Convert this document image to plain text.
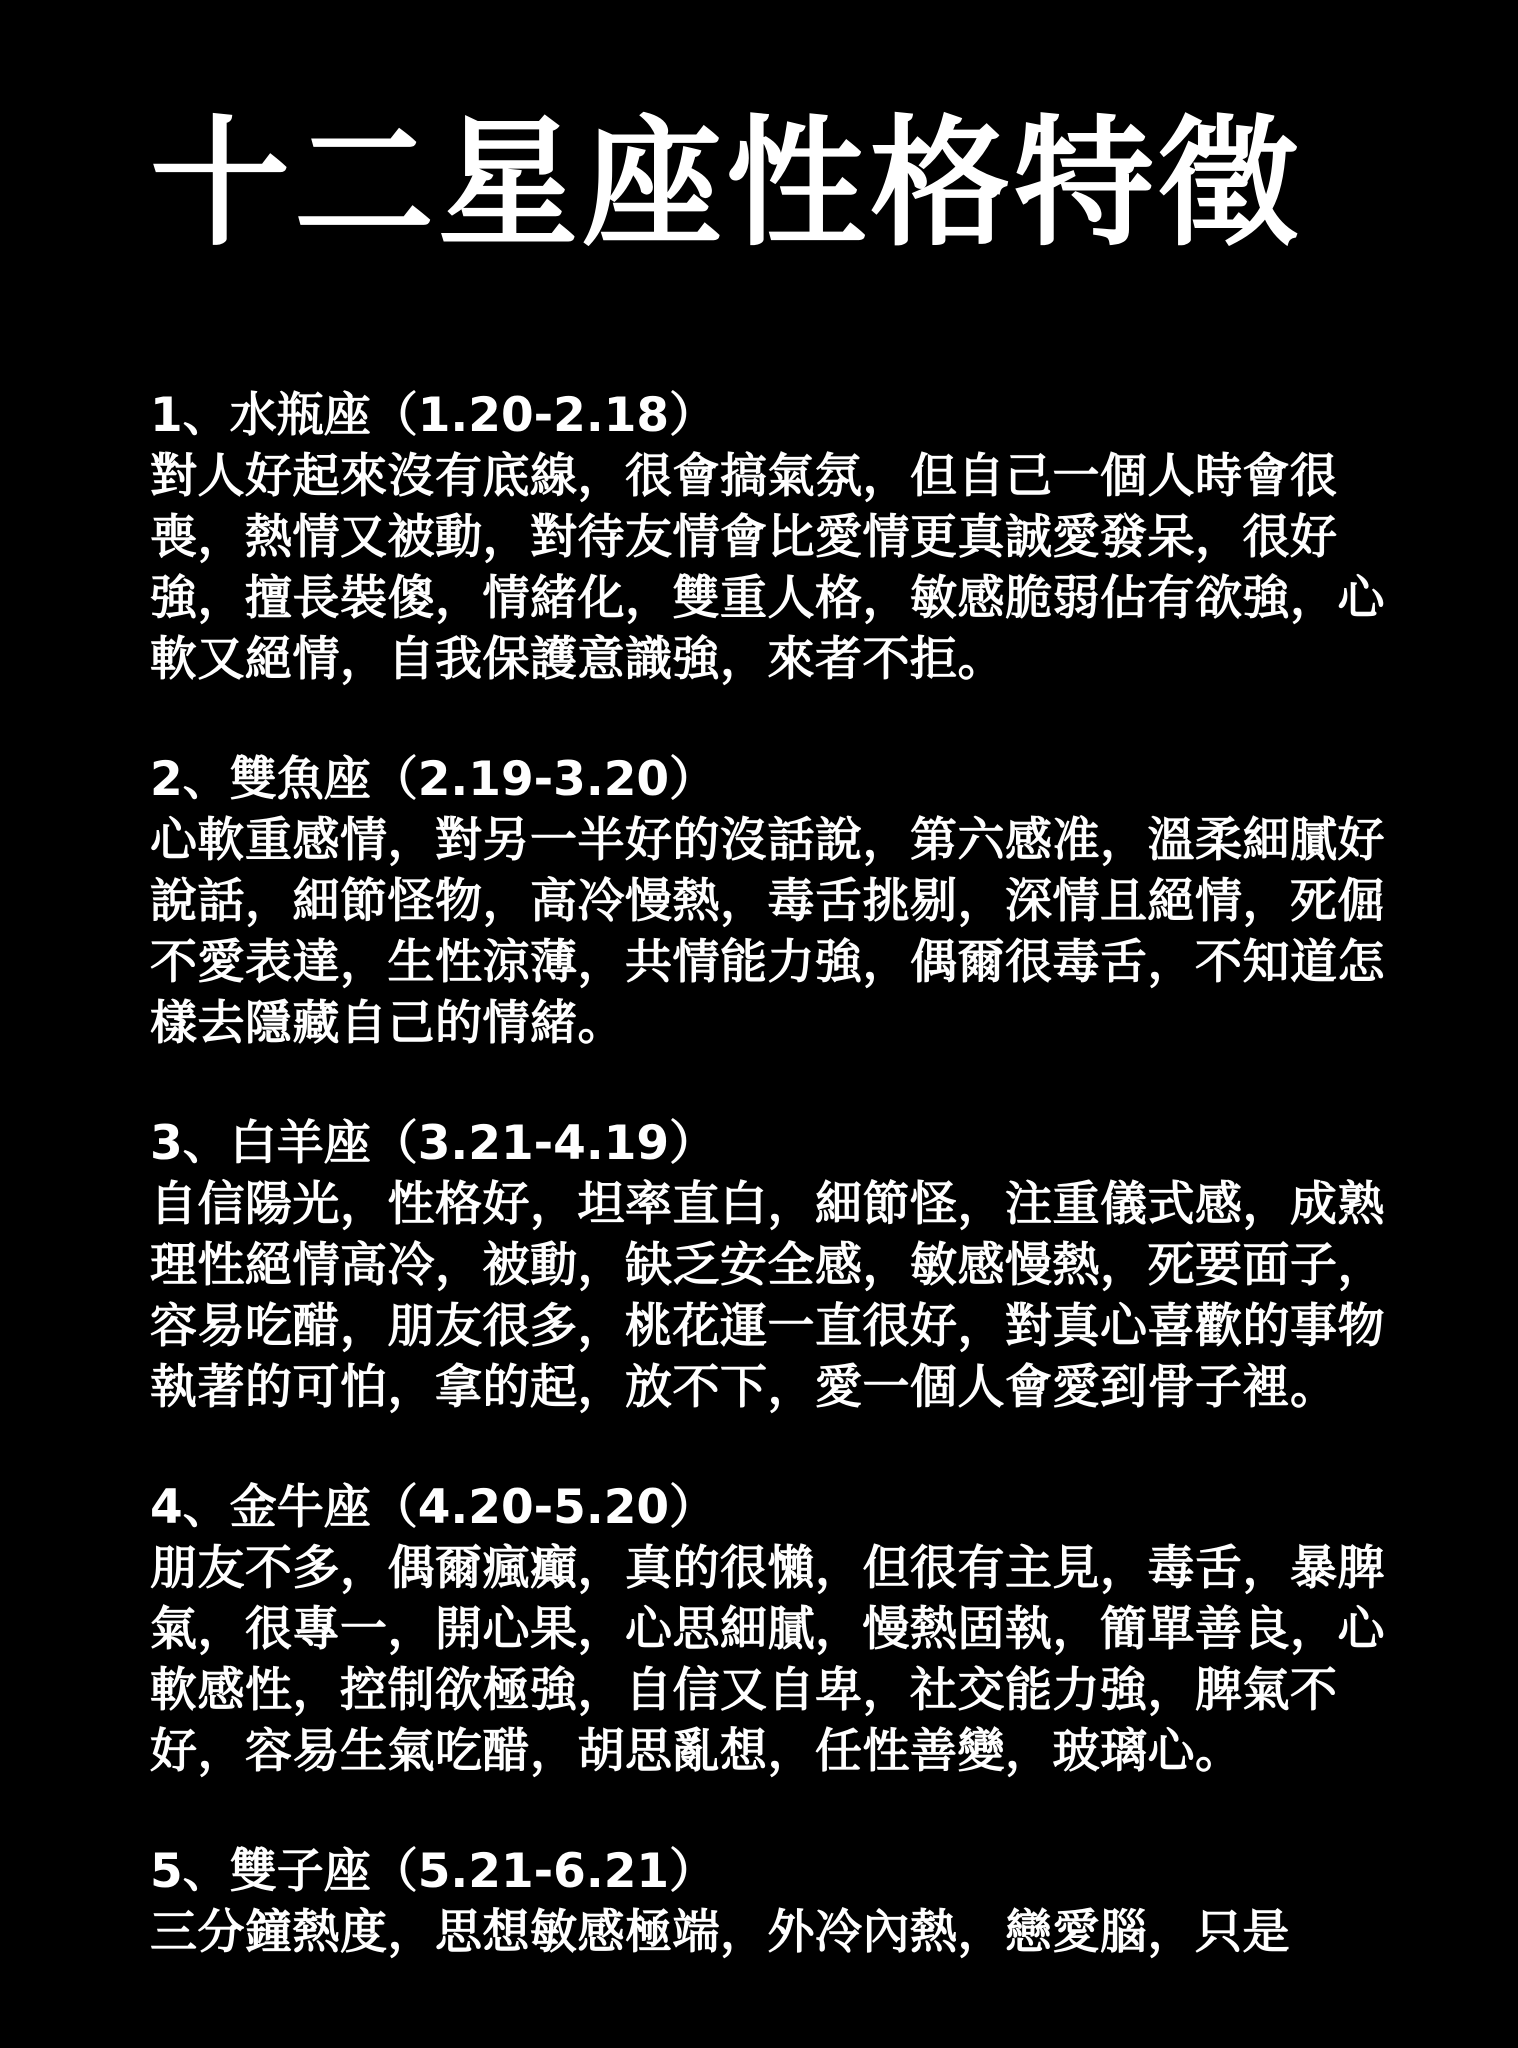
十二星座性格特徵
1、水瓶座（1.20-2.18）
對人好起來沒有底線，很會搞氣氛，但自己一個人時會很喪，熱情又被動，對待友情會比愛情更真誠愛發呆，很好強，擅長裝傻，情緒化，雙重人格，敏感脆弱佔有欲強，心軟又絕情，自我保護意識強，來者不拒。
2、雙魚座（2.19-3.20）
心軟重感情，對另一半好的沒話說，第六感准，溫柔細膩好說話，細節怪物，高冷慢熱，毒舌挑剔，深情且絕情，死倔不愛表達，生性涼薄，共情能力強，偶爾很毒舌，不知道怎樣去隱藏自己的情緒。
3、白羊座（3.21-4.19）
自信陽光，性格好，坦率直白，細節怪，注重儀式感，成熟理性絕情高冷，被動，缺乏安全感，敏感慢熱，死要面子，容易吃醋，朋友很多，桃花運一直很好，對真心喜歡的事物執著的可怕，拿的起，放不下，愛一個人會愛到骨子裡。
4、金牛座（4.20-5.20）
朋友不多，偶爾瘋癲，真的很懶，但很有主見，毒舌，暴脾氣，很專一，開心果，心思細膩，慢熱固執，簡單善良，心軟感性，控制欲極強，自信又自卑，社交能力強，脾氣不好，容易生氣吃醋，胡思亂想，任性善變，玻璃心。
5、雙子座（5.21-6.21）
三分鐘熱度，思想敏感極端，外冷內熱，戀愛腦，只是
